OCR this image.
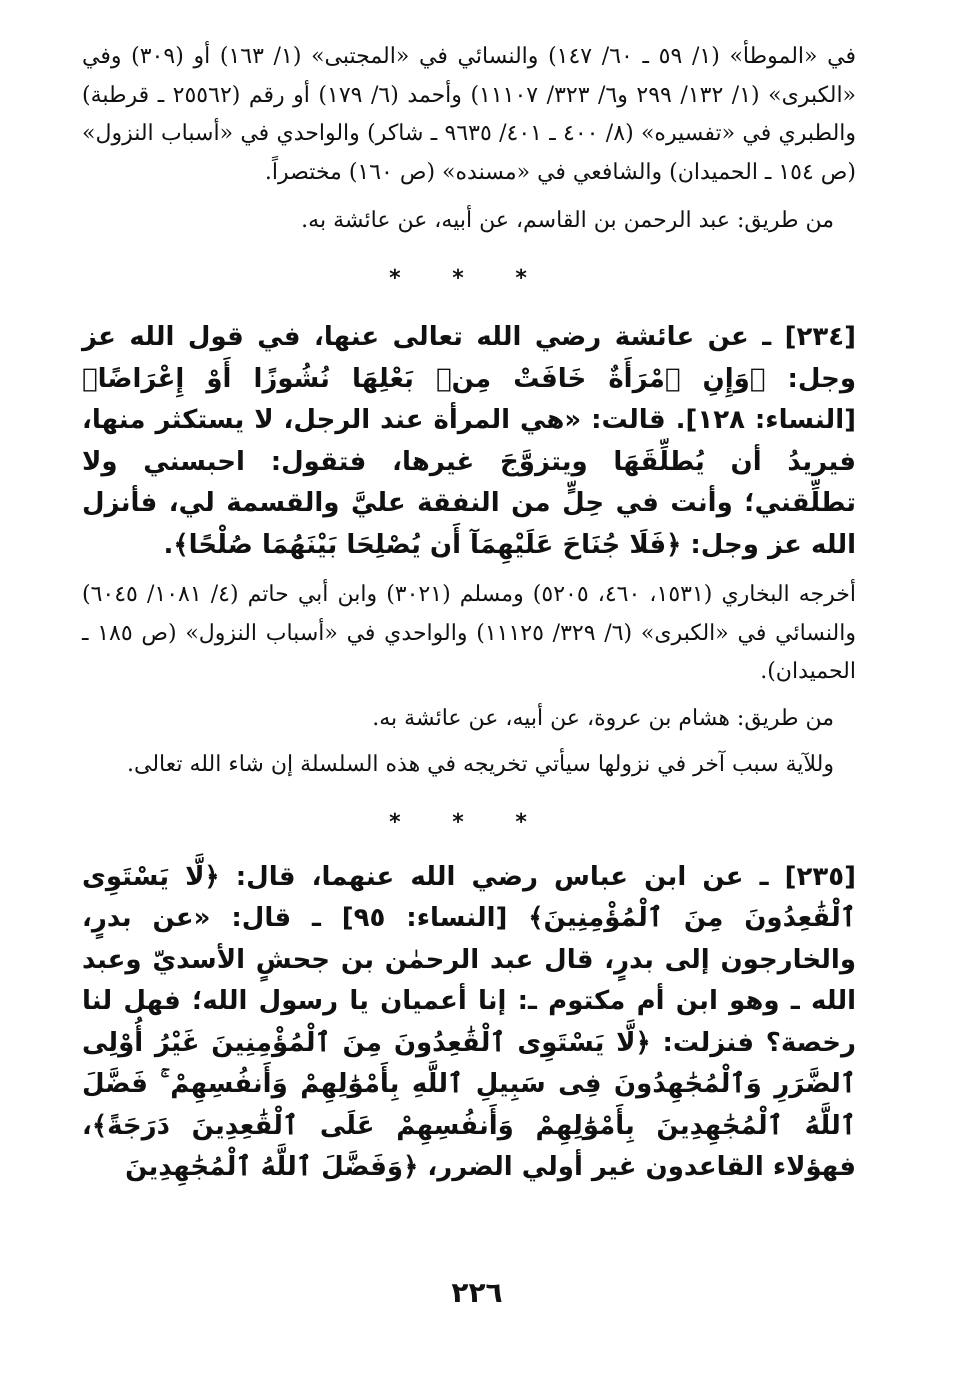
في «الموطأ» (١/ ٥٩ ـ ٦٠/ ١٤٧) والنسائي في «المجتبى» (١/ ١٦٣) أو (٣٠٩) وفي «الكبرى» (١/ ١٣٢/ ٢٩٩ و٦/ ٣٢٣/ ١١١٠٧) وأحمد (٦/ ١٧٩) أو رقم (٢٥٥٦٢ ـ قرطبة) والطبري في «تفسيره» (٨/ ٤٠٠ ـ ٤٠١/ ٩٦٣٥ ـ شاكر) والواحدي في «أسباب النزول» (ص ١٥٤ ـ الحميدان) والشافعي في «مسنده» (ص ١٦٠) مختصراً.

من طريق: عبد الرحمن بن القاسم، عن أبيه، عن عائشة به.

* * *

[٢٣٤] ـ عن عائشة رضي الله تعالى عنها، في قول الله عز وجل: ﴿وَإِنِ ٱمْرَأَةٌ خَافَتْ مِنۢ بَعْلِهَا نُشُوزًا أَوْ إِعْرَاضًا﴾ [النساء: ١٢٨]. قالت: «هي المرأة عند الرجل، لا يستكثر منها، فيريدُ أن يُطلِّقَهَا ويتزوَّجَ غيرها، فتقول: احبسني ولا تطلِّقني؛ وأنت في حِلٍّ من النفقة عليَّ والقسمة لي، فأنزل الله عز وجل: ﴿فَلَا جُنَاحَ عَلَيْهِمَآ أَن يُصْلِحَا بَيْنَهُمَا صُلْحًا﴾.

أخرجه البخاري (١٥٣١، ٤٦٠، ٥٢٠٥) ومسلم (٣٠٢١) وابن أبي حاتم (٤/ ١٠٨١/ ٦٠٤٥) والنسائي في «الكبرى» (٦/ ٣٢٩/ ١١١٢٥) والواحدي في «أسباب النزول» (ص ١٨٥ ـ الحميدان).

من طريق: هشام بن عروة، عن أبيه، عن عائشة به.

وللآية سبب آخر في نزولها سيأتي تخريجه في هذه السلسلة إن شاء الله تعالى.

* * *

[٢٣٥] ـ عن ابن عباس رضي الله عنهما، قال: ﴿لَّا يَسْتَوِى ٱلْقَٰعِدُونَ مِنَ ٱلْمُؤْمِنِينَ﴾ [النساء: ٩٥] ـ قال: «عن بدرٍ، والخارجون إلى بدرٍ، قال عبد الرحمٰن بن جحشٍ الأسديّ وعبد الله ـ وهو ابن أم مكتوم ـ: إنا أعميان يا رسول الله؛ فهل لنا رخصة؟ فنزلت: ﴿لَّا يَسْتَوِى ٱلْقَٰعِدُونَ مِنَ ٱلْمُؤْمِنِينَ غَيْرُ أُوْلِى ٱلضَّرَرِ وَٱلْمُجَٰهِدُونَ فِى سَبِيلِ ٱللَّهِ بِأَمْوَٰلِهِمْ وَأَنفُسِهِمْ ۚ فَضَّلَ ٱللَّهُ ٱلْمُجَٰهِدِينَ بِأَمْوَٰلِهِمْ وَأَنفُسِهِمْ عَلَى ٱلْقَٰعِدِينَ دَرَجَةً﴾، فهؤلاء القاعدون غير أولي الضرر، ﴿وَفَضَّلَ ٱللَّهُ ٱلْمُجَٰهِدِينَ

٢٢٦
